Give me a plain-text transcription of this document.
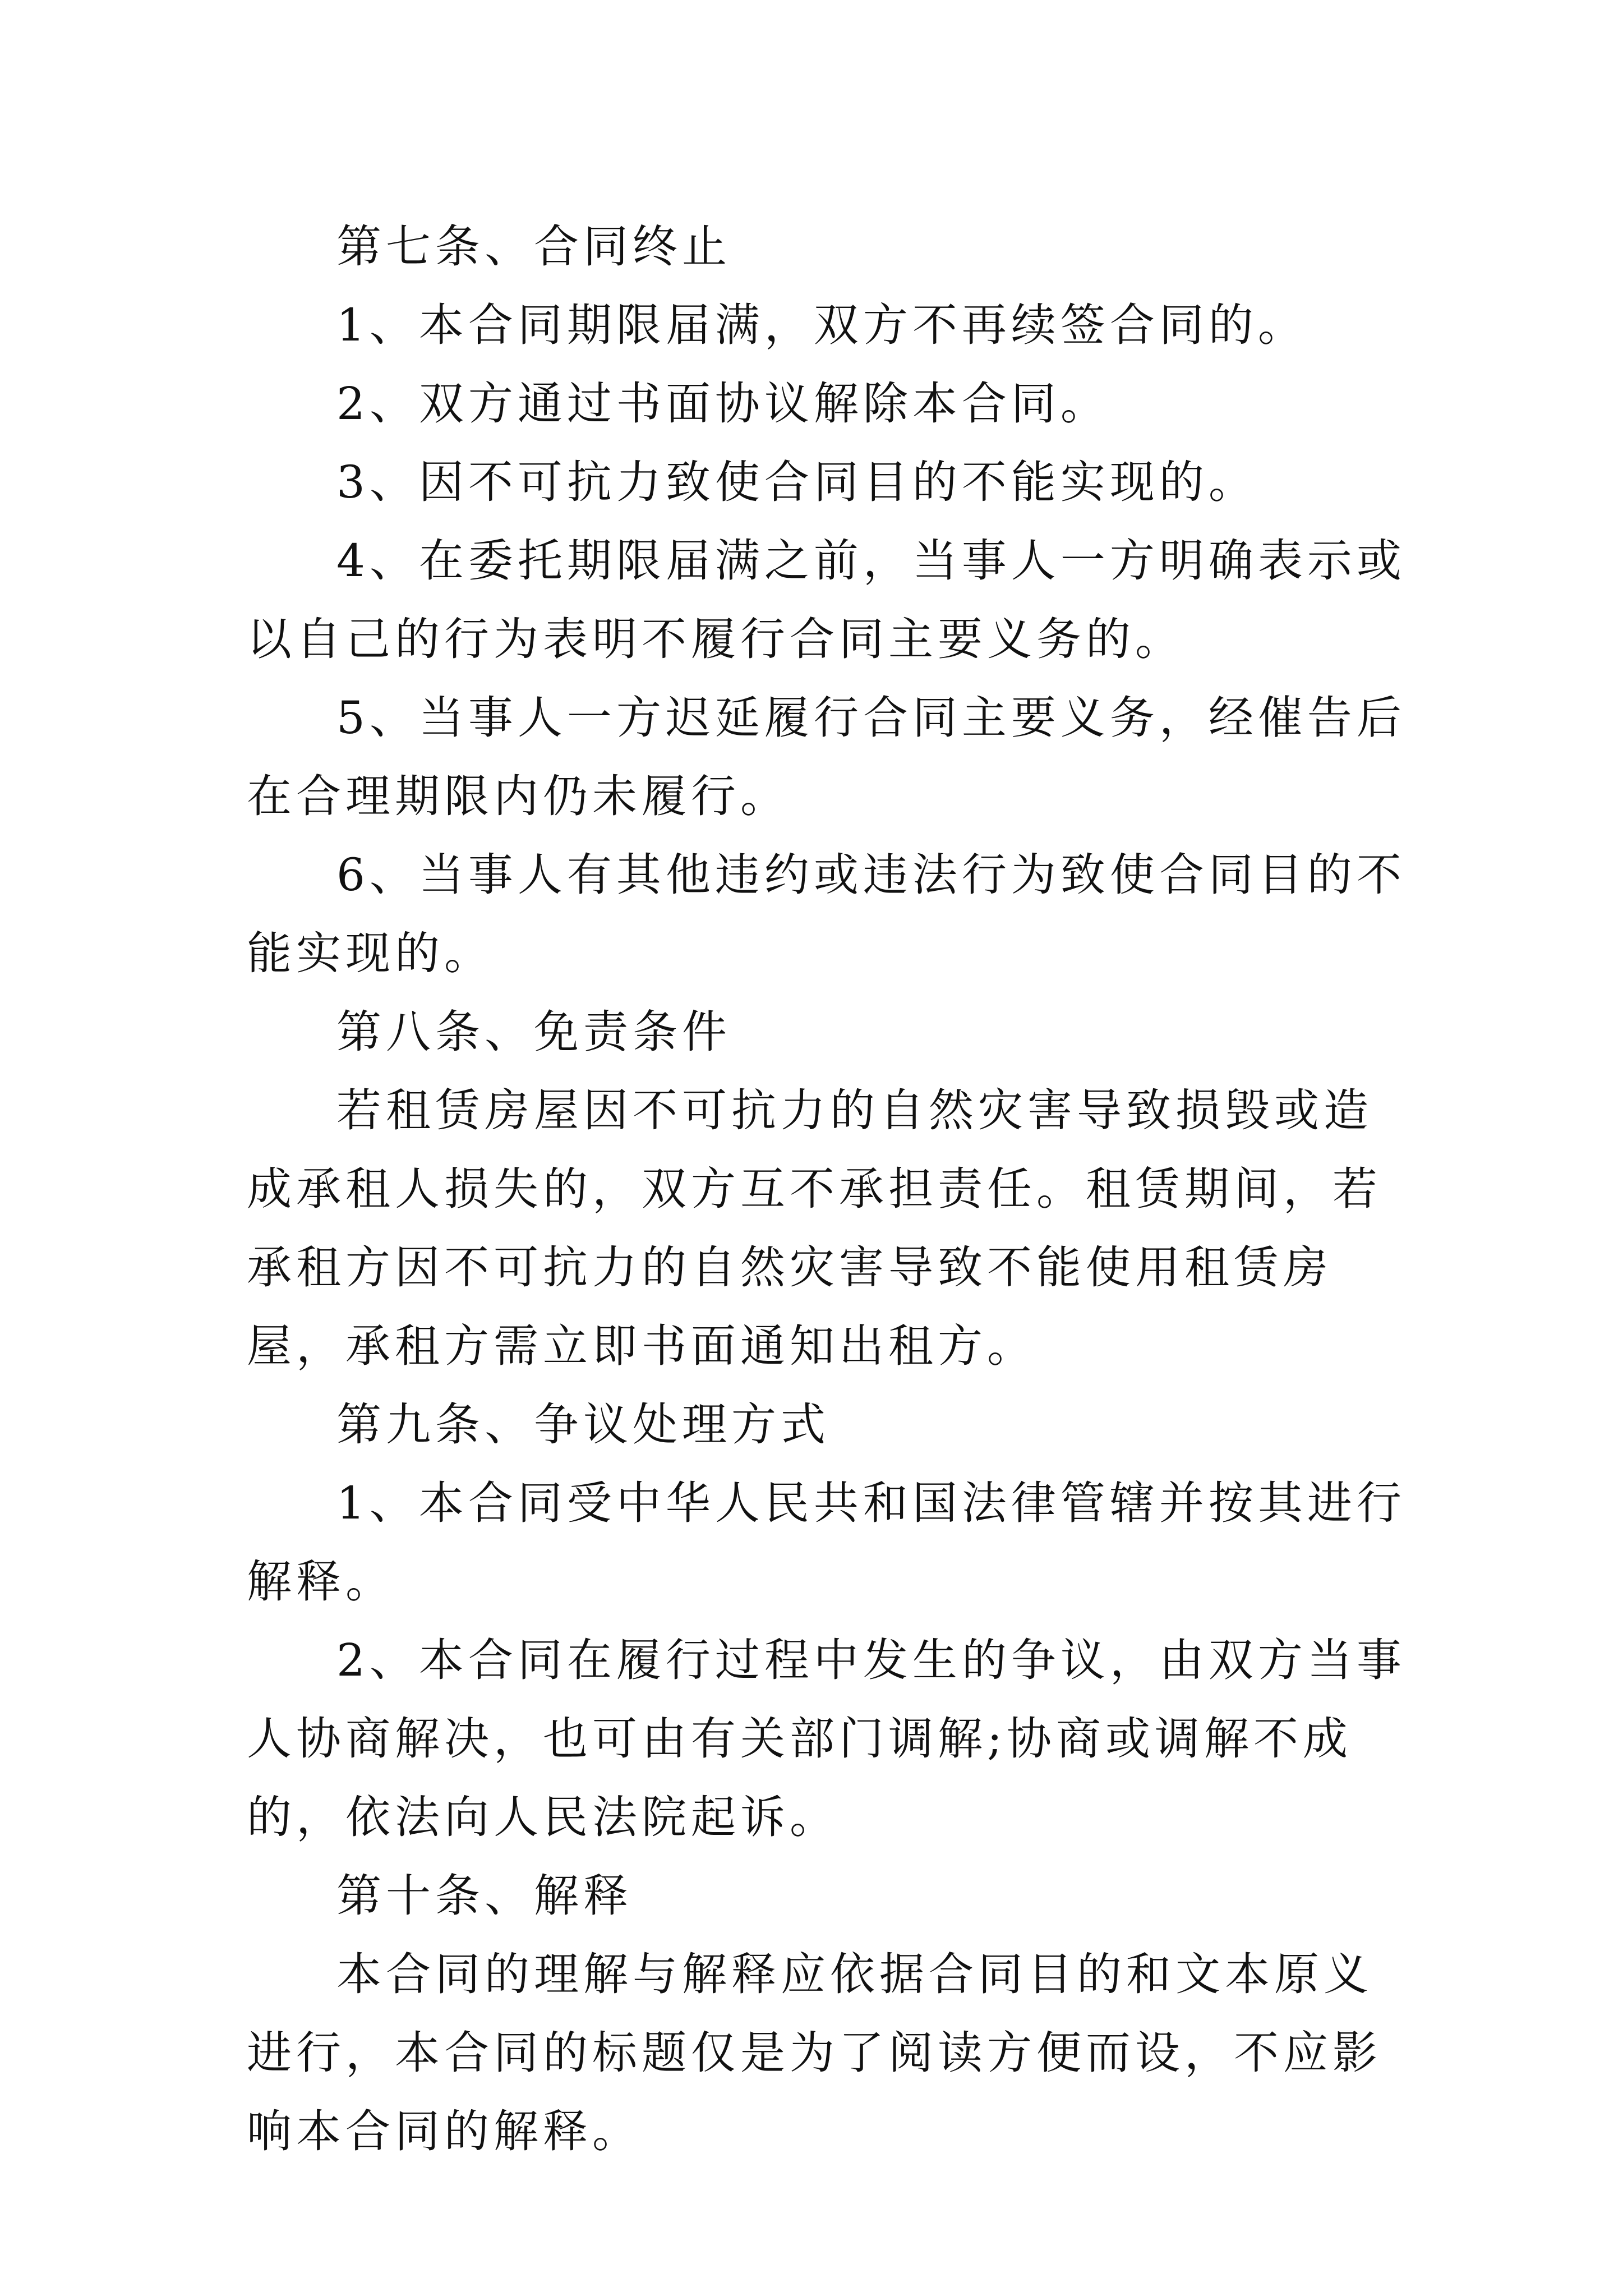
第七条、合同终止

1、本合同期限届满，双方不再续签合同的。

2、双方通过书面协议解除本合同。

3、因不可抗力致使合同目的不能实现的。

4、在委托期限届满之前，当事人一方明确表示或以自己的行为表明不履行合同主要义务的。

5、当事人一方迟延履行合同主要义务，经催告后在合理期限内仍未履行。

6、当事人有其他违约或违法行为致使合同目的不能实现的。

第八条、免责条件

若租赁房屋因不可抗力的自然灾害导致损毁或造成承租人损失的，双方互不承担责任。租赁期间，若承租方因不可抗力的自然灾害导致不能使用租赁房屋，承租方需立即书面通知出租方。

第九条、争议处理方式

1、本合同受中华人民共和国法律管辖并按其进行解释。

2、本合同在履行过程中发生的争议，由双方当事人协商解决，也可由有关部门调解;协商或调解不成的，依法向人民法院起诉。

第十条、解释

本合同的理解与解释应依据合同目的和文本原义进行，本合同的标题仅是为了阅读方便而设，不应影响本合同的解释。
